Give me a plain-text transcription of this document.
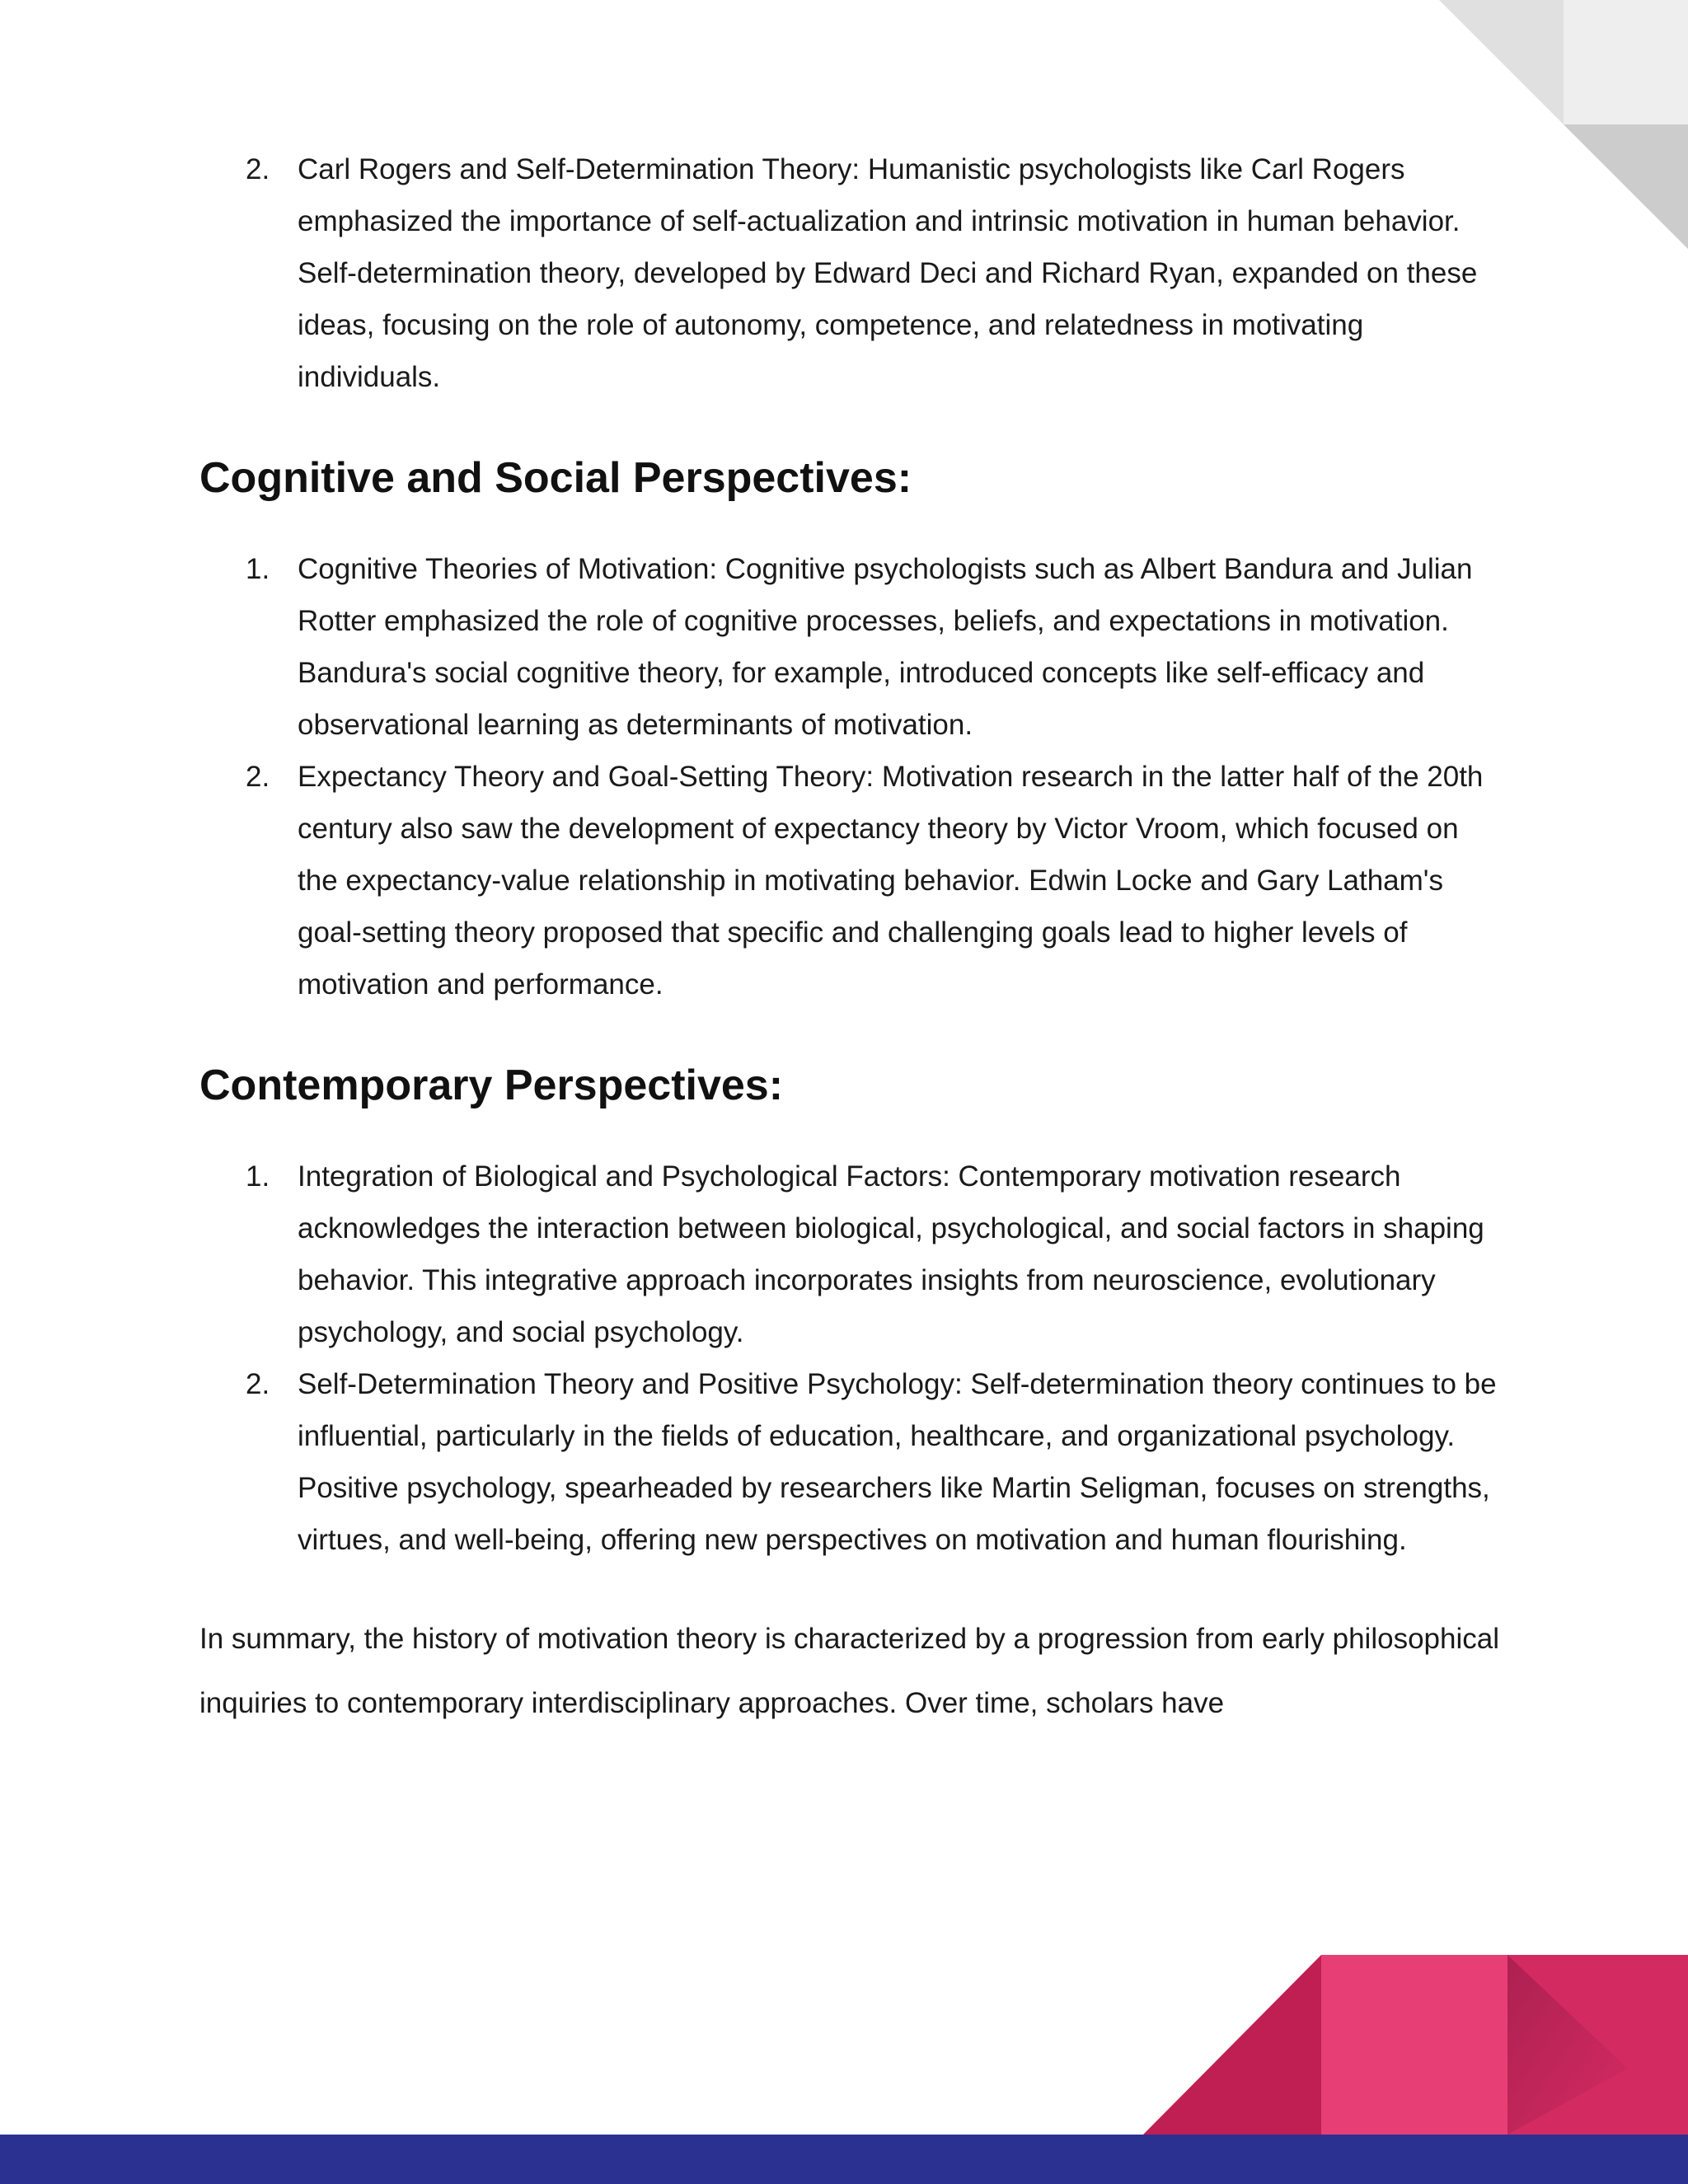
2. Carl Rogers and Self-Determination Theory: Humanistic psychologists like Carl Rogers emphasized the importance of self-actualization and intrinsic motivation in human behavior. Self-determination theory, developed by Edward Deci and Richard Ryan, expanded on these ideas, focusing on the role of autonomy, competence, and relatedness in motivating individuals.
Cognitive and Social Perspectives:
1. Cognitive Theories of Motivation: Cognitive psychologists such as Albert Bandura and Julian Rotter emphasized the role of cognitive processes, beliefs, and expectations in motivation. Bandura's social cognitive theory, for example, introduced concepts like self-efficacy and observational learning as determinants of motivation.
2. Expectancy Theory and Goal-Setting Theory: Motivation research in the latter half of the 20th century also saw the development of expectancy theory by Victor Vroom, which focused on the expectancy-value relationship in motivating behavior. Edwin Locke and Gary Latham's goal-setting theory proposed that specific and challenging goals lead to higher levels of motivation and performance.
Contemporary Perspectives:
1. Integration of Biological and Psychological Factors: Contemporary motivation research acknowledges the interaction between biological, psychological, and social factors in shaping behavior. This integrative approach incorporates insights from neuroscience, evolutionary psychology, and social psychology.
2. Self-Determination Theory and Positive Psychology: Self-determination theory continues to be influential, particularly in the fields of education, healthcare, and organizational psychology. Positive psychology, spearheaded by researchers like Martin Seligman, focuses on strengths, virtues, and well-being, offering new perspectives on motivation and human flourishing.

In summary, the history of motivation theory is characterized by a progression from early philosophical inquiries to contemporary interdisciplinary approaches. Over time, scholars have
